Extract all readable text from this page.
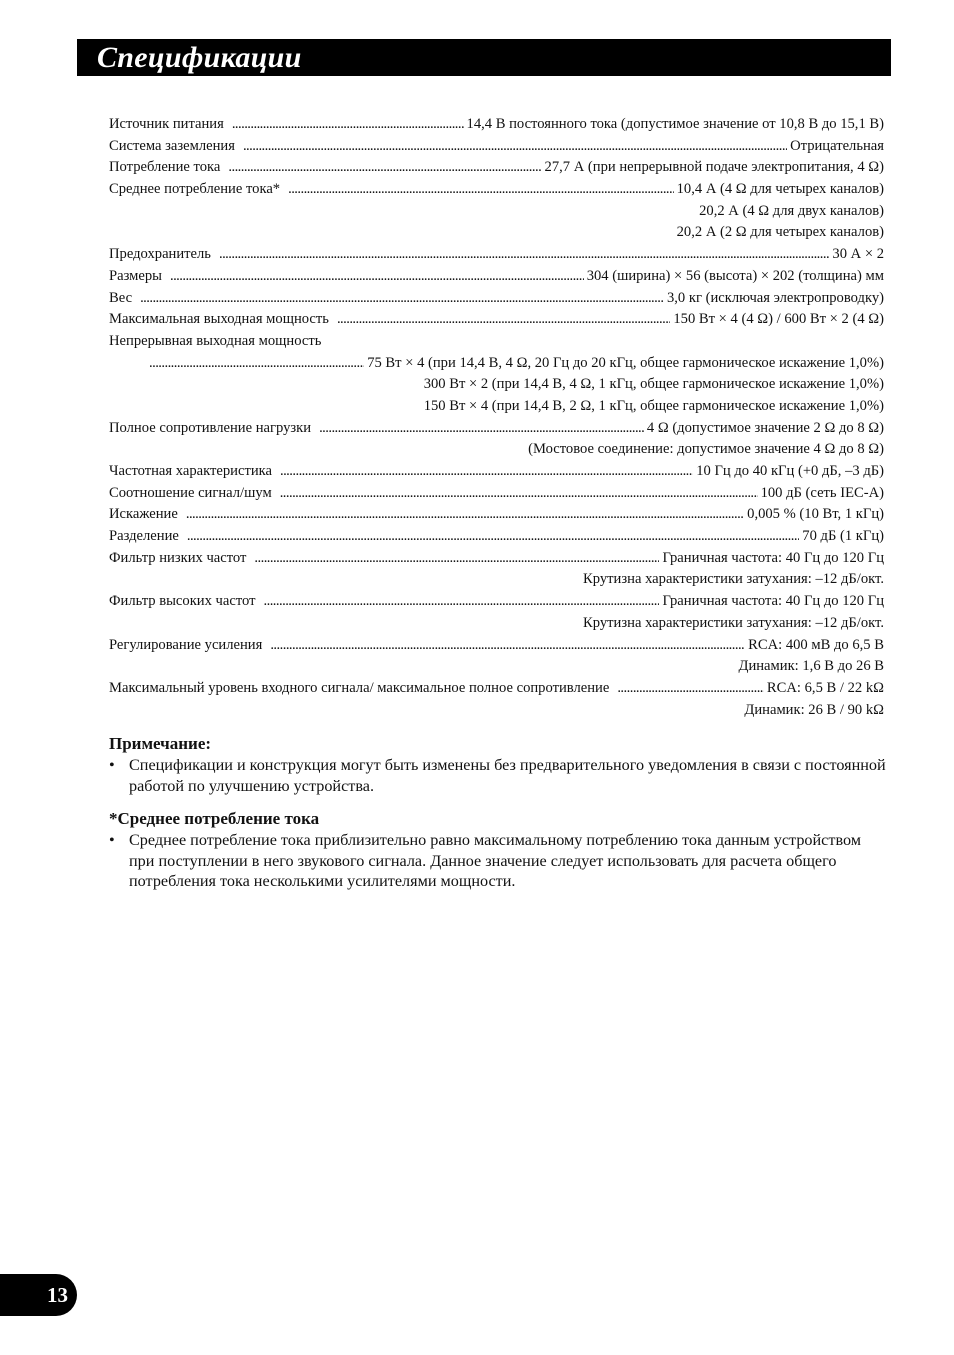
Спецификации
Источник питания . . .	14,4 В постоянного тока (допустимое значение от 10,8 В до 15,1 В)
Система заземления . . .	Отрицательная
Потребление тока . . .	27,7 А (при непрерывной подаче электропитания, 4 Ω)
Среднее потребление тока* . . .	10,4 А (4 Ω для четырех каналов)
20,2 А (4 Ω для двух каналов)
20,2 А (2 Ω для четырех каналов)
Предохранитель . . .	30 А × 2
Размеры . . .	304 (ширина) × 56 (высота) × 202 (толщина) мм
Вес . . .	3,0 кг (исключая электропроводку)
Максимальная выходная мощность . . .	150 Вт × 4 (4 Ω) / 600 Вт × 2 (4 Ω)
Непрерывная выходная мощность
. . .
75 Вт × 4 (при 14,4 В, 4 Ω, 20 Гц до 20 кГц, общее гармоническое искажение 1,0%)
300 Вт × 2 (при 14,4 В, 4 Ω, 1 кГц, общее гармоническое искажение 1,0%)
150 Вт × 4 (при 14,4 В, 2 Ω, 1 кГц, общее гармоническое искажение 1,0%)
Полное сопротивление нагрузки . . .	4 Ω (допустимое значение 2 Ω до 8 Ω)
(Мостовое соединение: допустимое значение 4 Ω до 8 Ω)
Частотная характеристика . . .	10 Гц до 40 кГц (+0 дБ, –3 дБ)
Соотношение сигнал/шум . . .	100 дБ (сеть IEC-A)
Искажение . . .	0,005 % (10 Вт, 1 кГц)
Разделение . . .	70 дБ (1 кГц)
Фильтр низких частот . . .	Граничная частота: 40 Гц до 120 Гц
Крутизна характеристики затухания: –12 дБ/окт.
Фильтр высоких частот . . .	Граничная частота: 40 Гц до 120 Гц
Крутизна характеристики затухания: –12 дБ/окт.
Регулирование усиления . . .	RCA: 400 мВ до 6,5 В
Динамик: 1,6 В до 26 В
Максимальный уровень входного сигнала/ максимальное полное сопротивление . . .	RCA: 6,5 В / 22 kΩ
Динамик: 26 В / 90 kΩ
Примечание:
• Спецификации и конструкция могут быть изменены без предварительного уведомления в связи с постоянной работой по улучшению устройства.
*Среднее потребление тока
• Среднее потребление тока приблизительно равно максимальному потреблению тока данным устройством при поступлении в него звукового сигнала. Данное значение следует использовать для расчета общего потребления тока несколькими усилителями мощности.
13
